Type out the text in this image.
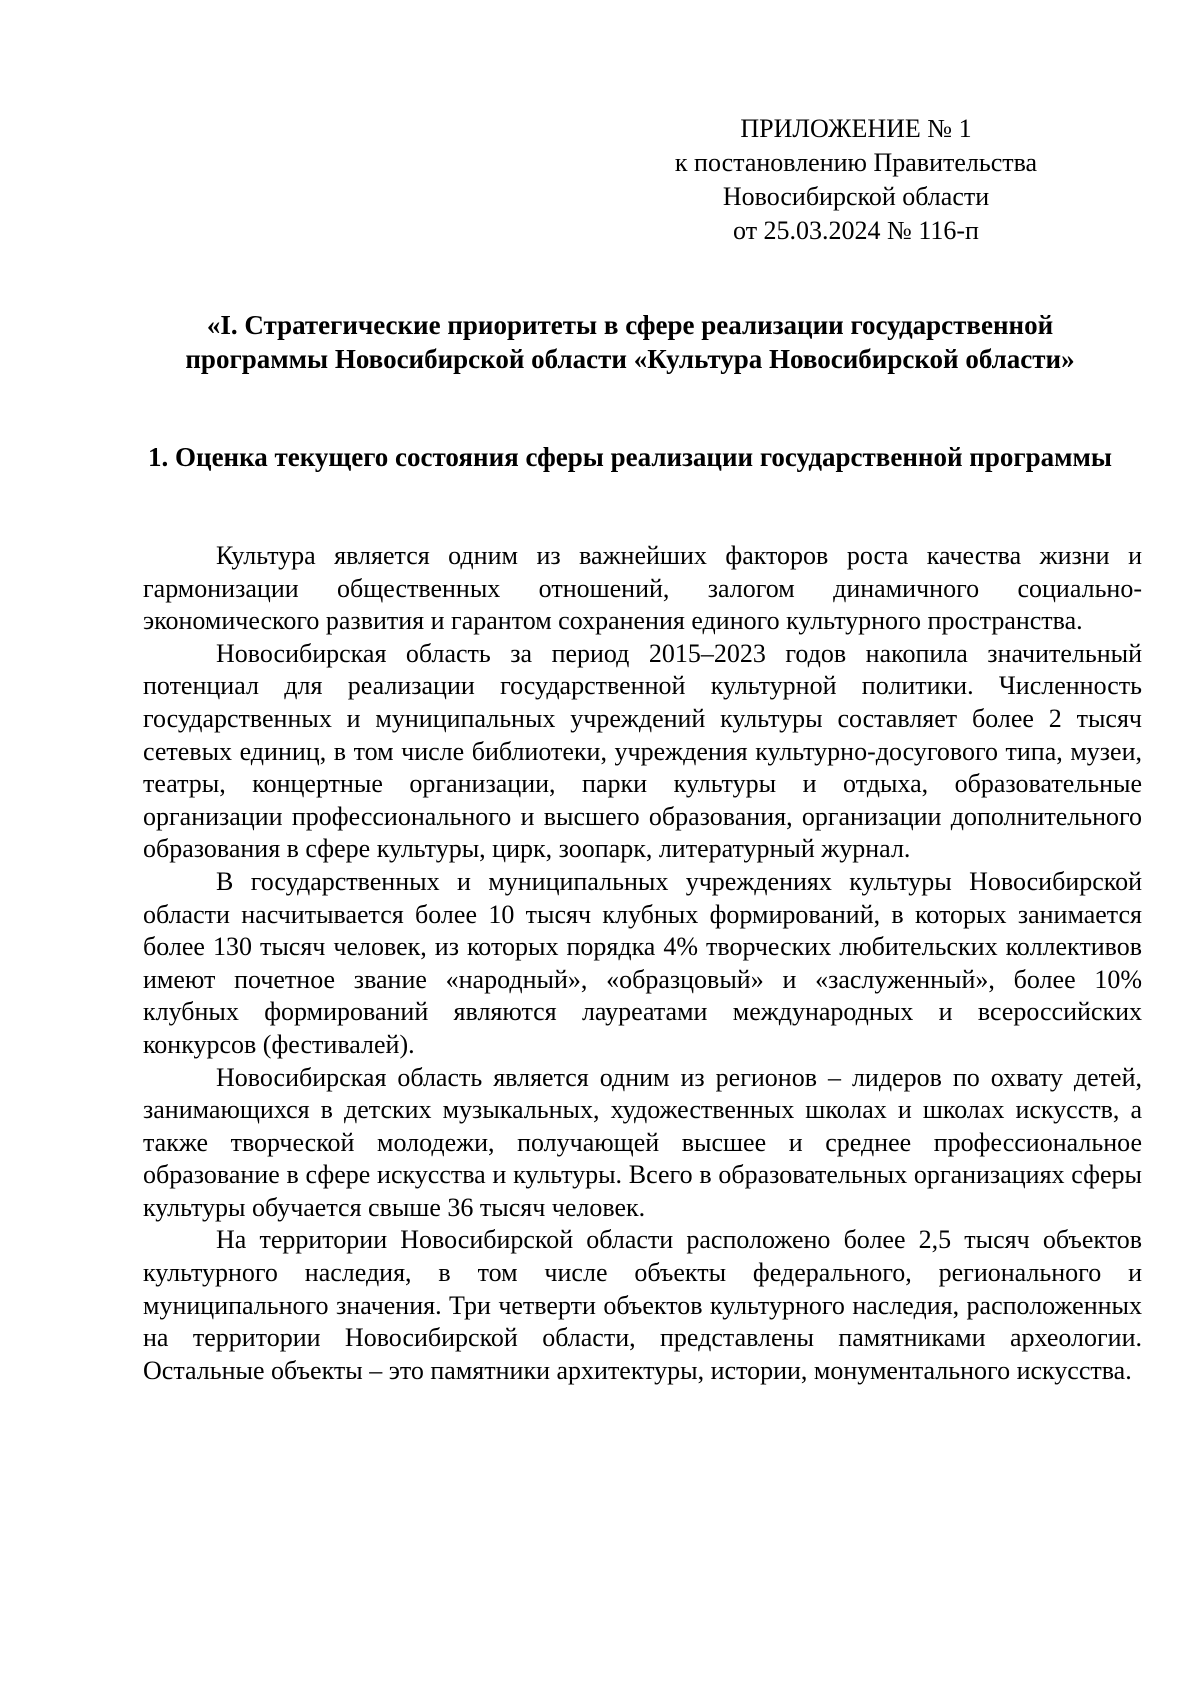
ПРИЛОЖЕНИЕ № 1
к постановлению Правительства
Новосибирской области
от 25.03.2024 № 116-п
«I. Стратегические приоритеты в сфере реализации государственной программы Новосибирской области «Культура Новосибирской области»
1. Оценка текущего состояния сферы реализации государственной программы

Культура является одним из важнейших факторов роста качества жизни и гармонизации общественных отношений, залогом динамичного социально-экономического развития и гарантом сохранения единого культурного пространства.

Новосибирская область за период 2015–2023 годов накопила значительный потенциал для реализации государственной культурной политики. Численность государственных и муниципальных учреждений культуры составляет более 2 тысяч сетевых единиц, в том числе библиотеки, учреждения культурно-досугового типа, музеи, театры, концертные организации, парки культуры и отдыха, образовательные организации профессионального и высшего образования, организации дополнительного образования в сфере культуры, цирк, зоопарк, литературный журнал.

В государственных и муниципальных учреждениях культуры Новосибирской области насчитывается более 10 тысяч клубных формирований, в которых занимается более 130 тысяч человек, из которых порядка 4% творческих любительских коллективов имеют почетное звание «народный», «образцовый» и «заслуженный», более 10% клубных формирований являются лауреатами международных и всероссийских конкурсов (фестивалей).

Новосибирская область является одним из регионов – лидеров по охвату детей, занимающихся в детских музыкальных, художественных школах и школах искусств, а также творческой молодежи, получающей высшее и среднее профессиональное образование в сфере искусства и культуры. Всего в образовательных организациях сферы культуры обучается свыше 36 тысяч человек.

На территории Новосибирской области расположено более 2,5 тысяч объектов культурного наследия, в том числе объекты федерального, регионального и муниципального значения. Три четверти объектов культурного наследия, расположенных на территории Новосибирской области, представлены памятниками археологии. Остальные объекты – это памятники архитектуры, истории, монументального искусства.
